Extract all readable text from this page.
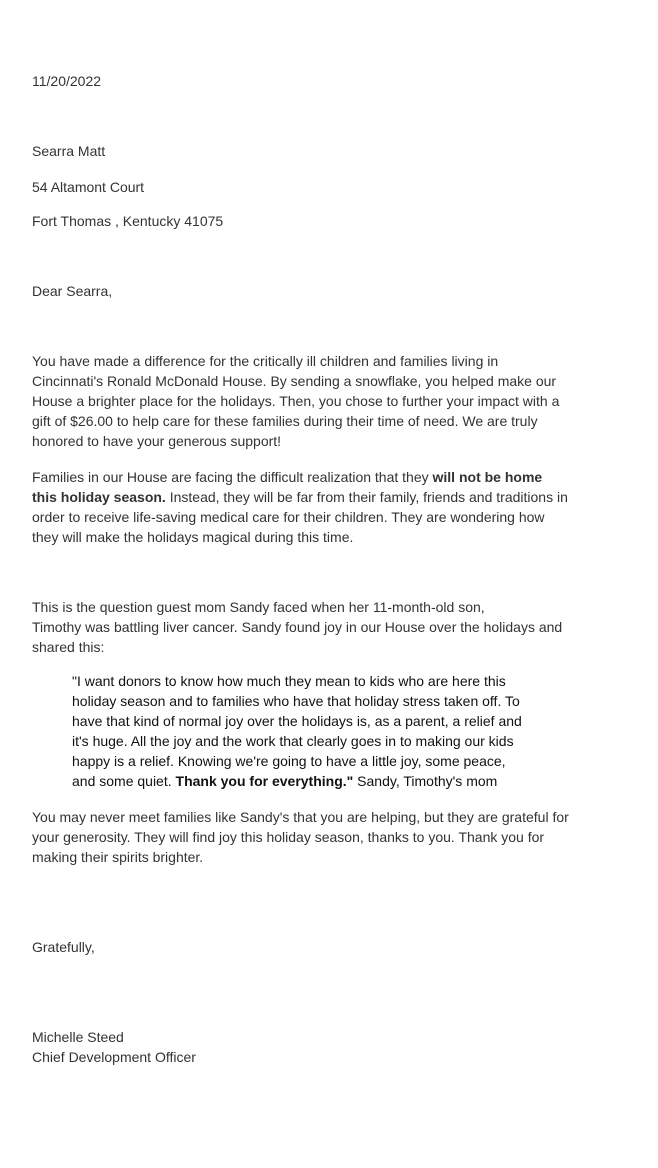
11/20/2022

Searra Matt

54 Altamont Court

Fort Thomas , Kentucky 41075

Dear Searra,

You have made a difference for the critically ill children and families living in Cincinnati's Ronald McDonald House. By sending a snowflake, you helped make our House a brighter place for the holidays. Then, you chose to further your impact with a gift of $26.00 to help care for these families during their time of need. We are truly honored to have your generous support!

Families in our House are facing the difficult realization that they will not be home this holiday season. Instead, they will be far from their family, friends and traditions in order to receive life-saving medical care for their children. They are wondering how they will make the holidays magical during this time.

This is the question guest mom Sandy faced when her 11-month-old son,
Timothy was battling liver cancer. Sandy found joy in our House over the holidays and shared this:

"I want donors to know how much they mean to kids who are here this holiday season and to families who have that holiday stress taken off. To have that kind of normal joy over the holidays is, as a parent, a relief and it's huge. All the joy and the work that clearly goes in to making our kids happy is a relief. Knowing we're going to have a little joy, some peace, and some quiet. Thank you for everything." Sandy, Timothy's mom

You may never meet families like Sandy's that you are helping, but they are grateful for your generosity. They will find joy this holiday season, thanks to you. Thank you for making their spirits brighter.

Gratefully,

Michelle Steed
Chief Development Officer
